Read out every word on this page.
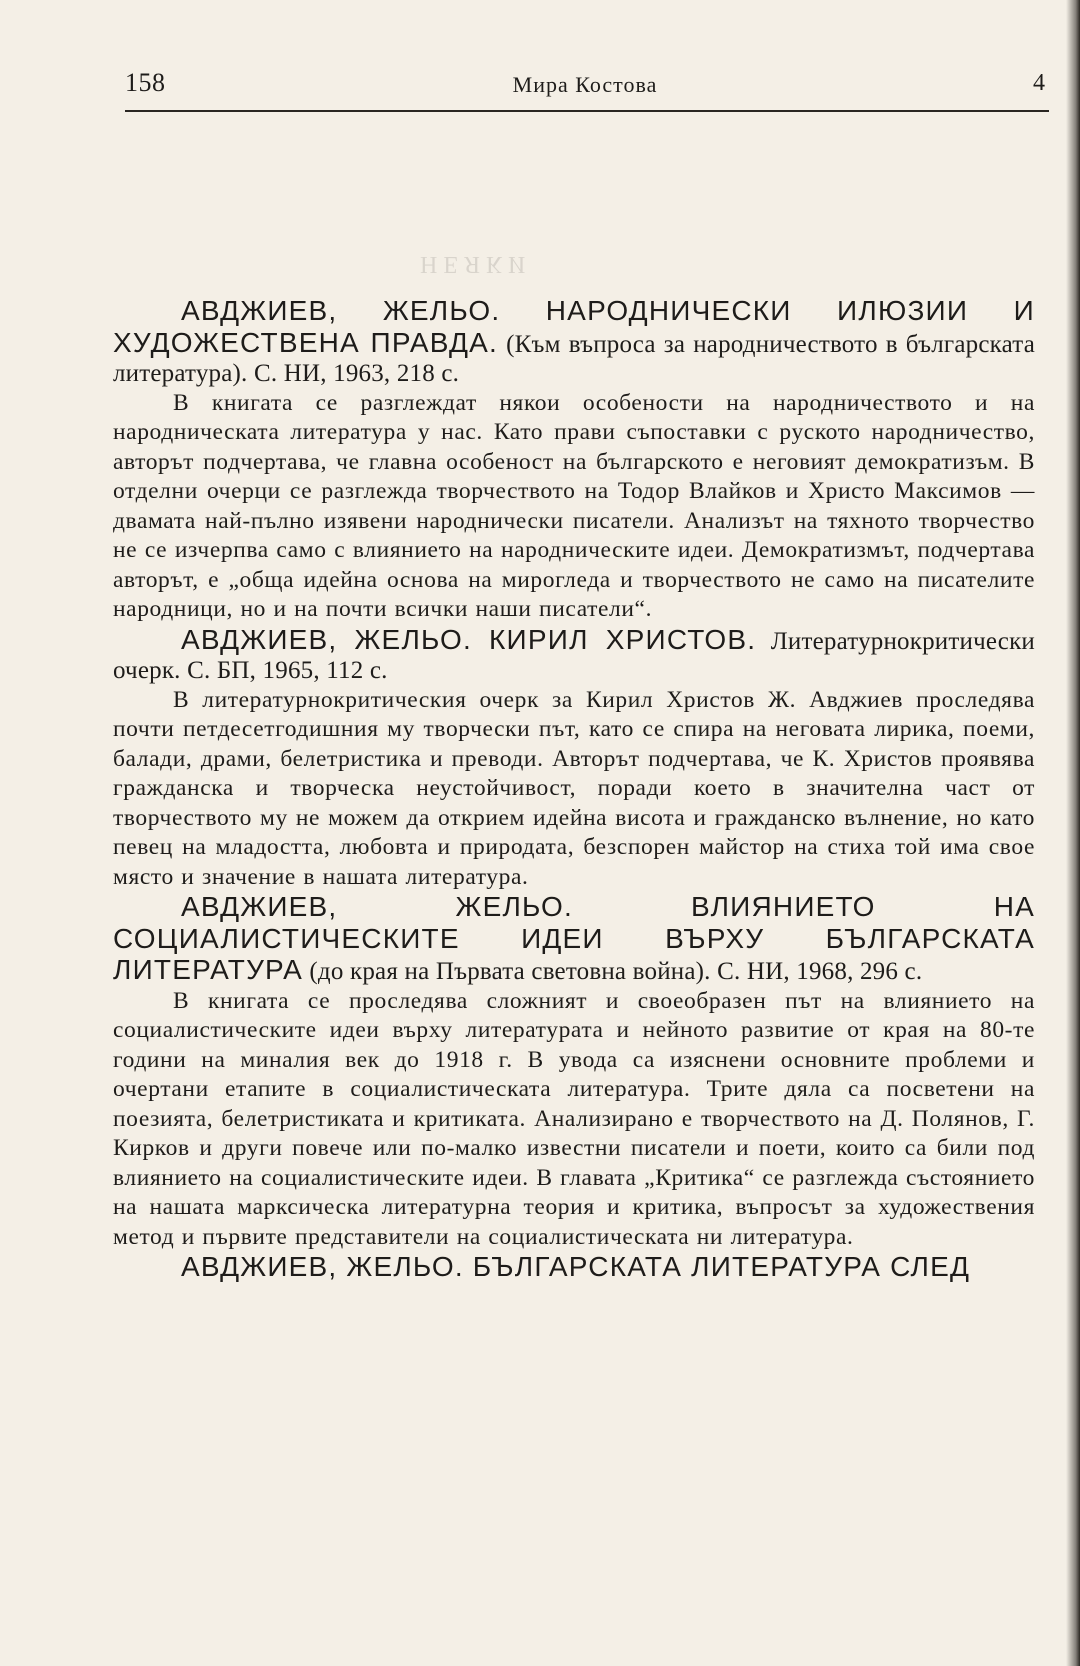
158	Мира Костова	4
НЕЯКИ

АВДЖИЕВ, ЖЕЛЬО. НАРОДНИЧЕСКИ ИЛЮЗИИ И ХУДОЖЕСТВЕНА ПРАВДА. (Към въпроса за народничеството в българската литература). С. НИ, 1963, 218 с.

В книгата се разглеждат някои особености на народничеството и на народническата литература у нас. Като прави съпоставки с руското народничество, авторът подчертава, че главна особеност на българското е неговият демократизъм. В отделни очерци се разглежда творчеството на Тодор Влайков и Христо Максимов — двамата най-пълно изявени народнически писатели. Анализът на тяхното творчество не се изчерпва само с влиянието на народническите идеи. Демократизмът, подчертава авторът, е „обща идейна основа на мирогледа и творчеството не само на писателите народници, но и на почти всички наши писатели“.

АВДЖИЕВ, ЖЕЛЬО. КИРИЛ ХРИСТОВ. Литературнокритически очерк. С. БП, 1965, 112 с.

В литературнокритическия очерк за Кирил Христов Ж. Авджиев проследява почти петдесетгодишния му творчески път, като се спира на неговата лирика, поеми, балади, драми, белетристика и преводи. Авторът подчертава, че К. Христов проявява гражданска и творческа неустойчивост, поради което в значителна част от творчеството му не можем да открием идейна висота и гражданско вълнение, но като певец на младостта, любовта и природата, безспорен майстор на стиха той има свое място и значение в нашата литература.

АВДЖИЕВ, ЖЕЛЬО. ВЛИЯНИЕТО НА СОЦИАЛИСТИЧЕСКИТЕ ИДЕИ ВЪРХУ БЪЛГАРСКАТА ЛИТЕРАТУРА (до края на Първата световна война). С. НИ, 1968, 296 с.

В книгата се проследява сложният и своеобразен път на влиянието на социалистическите идеи върху литературата и нейното развитие от края на 80-те години на миналия век до 1918 г. В увода са изяснени основните проблеми и очертани етапите в социалистическата литература. Трите дяла са посветени на поезията, белетристиката и критиката. Анализирано е творчеството на Д. Полянов, Г. Кирков и други повече или по-малко известни писатели и поети, които са били под влиянието на социалистическите идеи. В главата „Критика“ се разглежда състоянието на нашата марксическа литературна теория и критика, въпросът за художествения метод и първите представители на социалистическата ни литература.

АВДЖИЕВ, ЖЕЛЬО. БЪЛГАРСКАТА ЛИТЕРАТУРА СЛЕД
